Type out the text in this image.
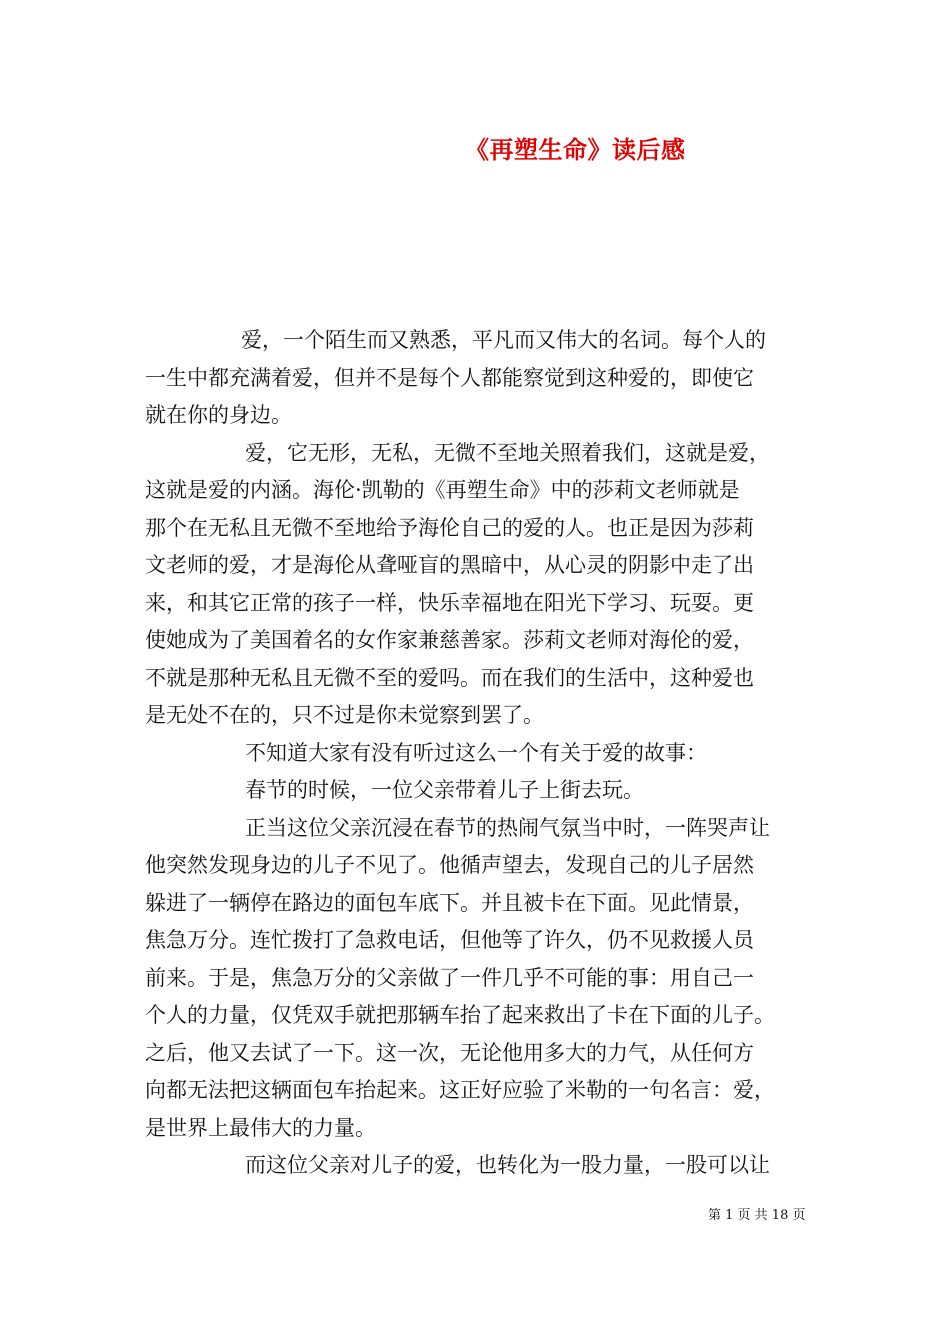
《再塑生命》读后感

爱，一个陌生而又熟悉，平凡而又伟大的名词。每个人的
一生中都充满着爱，但并不是每个人都能察觉到这种爱的，即使它
就在你的身边。

爱，它无形，无私，无微不至地关照着我们，这就是爱，
这就是爱的内涵。海伦·凯勒的《再塑生命》中的莎莉文老师就是
那个在无私且无微不至地给予海伦自己的爱的人。也正是因为莎莉
文老师的爱，才是海伦从聋哑盲的黑暗中，从心灵的阴影中走了出
来，和其它正常的孩子一样，快乐幸福地在阳光下学习、玩耍。更
使她成为了美国着名的女作家兼慈善家。莎莉文老师对海伦的爱，
不就是那种无私且无微不至的爱吗。而在我们的生活中，这种爱也
是无处不在的，只不过是你未觉察到罢了。

不知道大家有没有听过这么一个有关于爱的故事：

春节的时候，一位父亲带着儿子上街去玩。

正当这位父亲沉浸在春节的热闹气氛当中时，一阵哭声让
他突然发现身边的儿子不见了。他循声望去，发现自己的儿子居然
躲进了一辆停在路边的面包车底下。并且被卡在下面。见此情景，
焦急万分。连忙拨打了急救电话，但他等了许久，仍不见救援人员
前来。于是，焦急万分的父亲做了一件几乎不可能的事：用自己一
个人的力量，仅凭双手就把那辆车抬了起来救出了卡在下面的儿子。
之后，他又去试了一下。这一次，无论他用多大的力气，从任何方
向都无法把这辆面包车抬起来。这正好应验了米勒的一句名言：爱，
是世界上最伟大的力量。

而这位父亲对儿子的爱，也转化为一股力量，一股可以让

第 1 页 共 18 页
